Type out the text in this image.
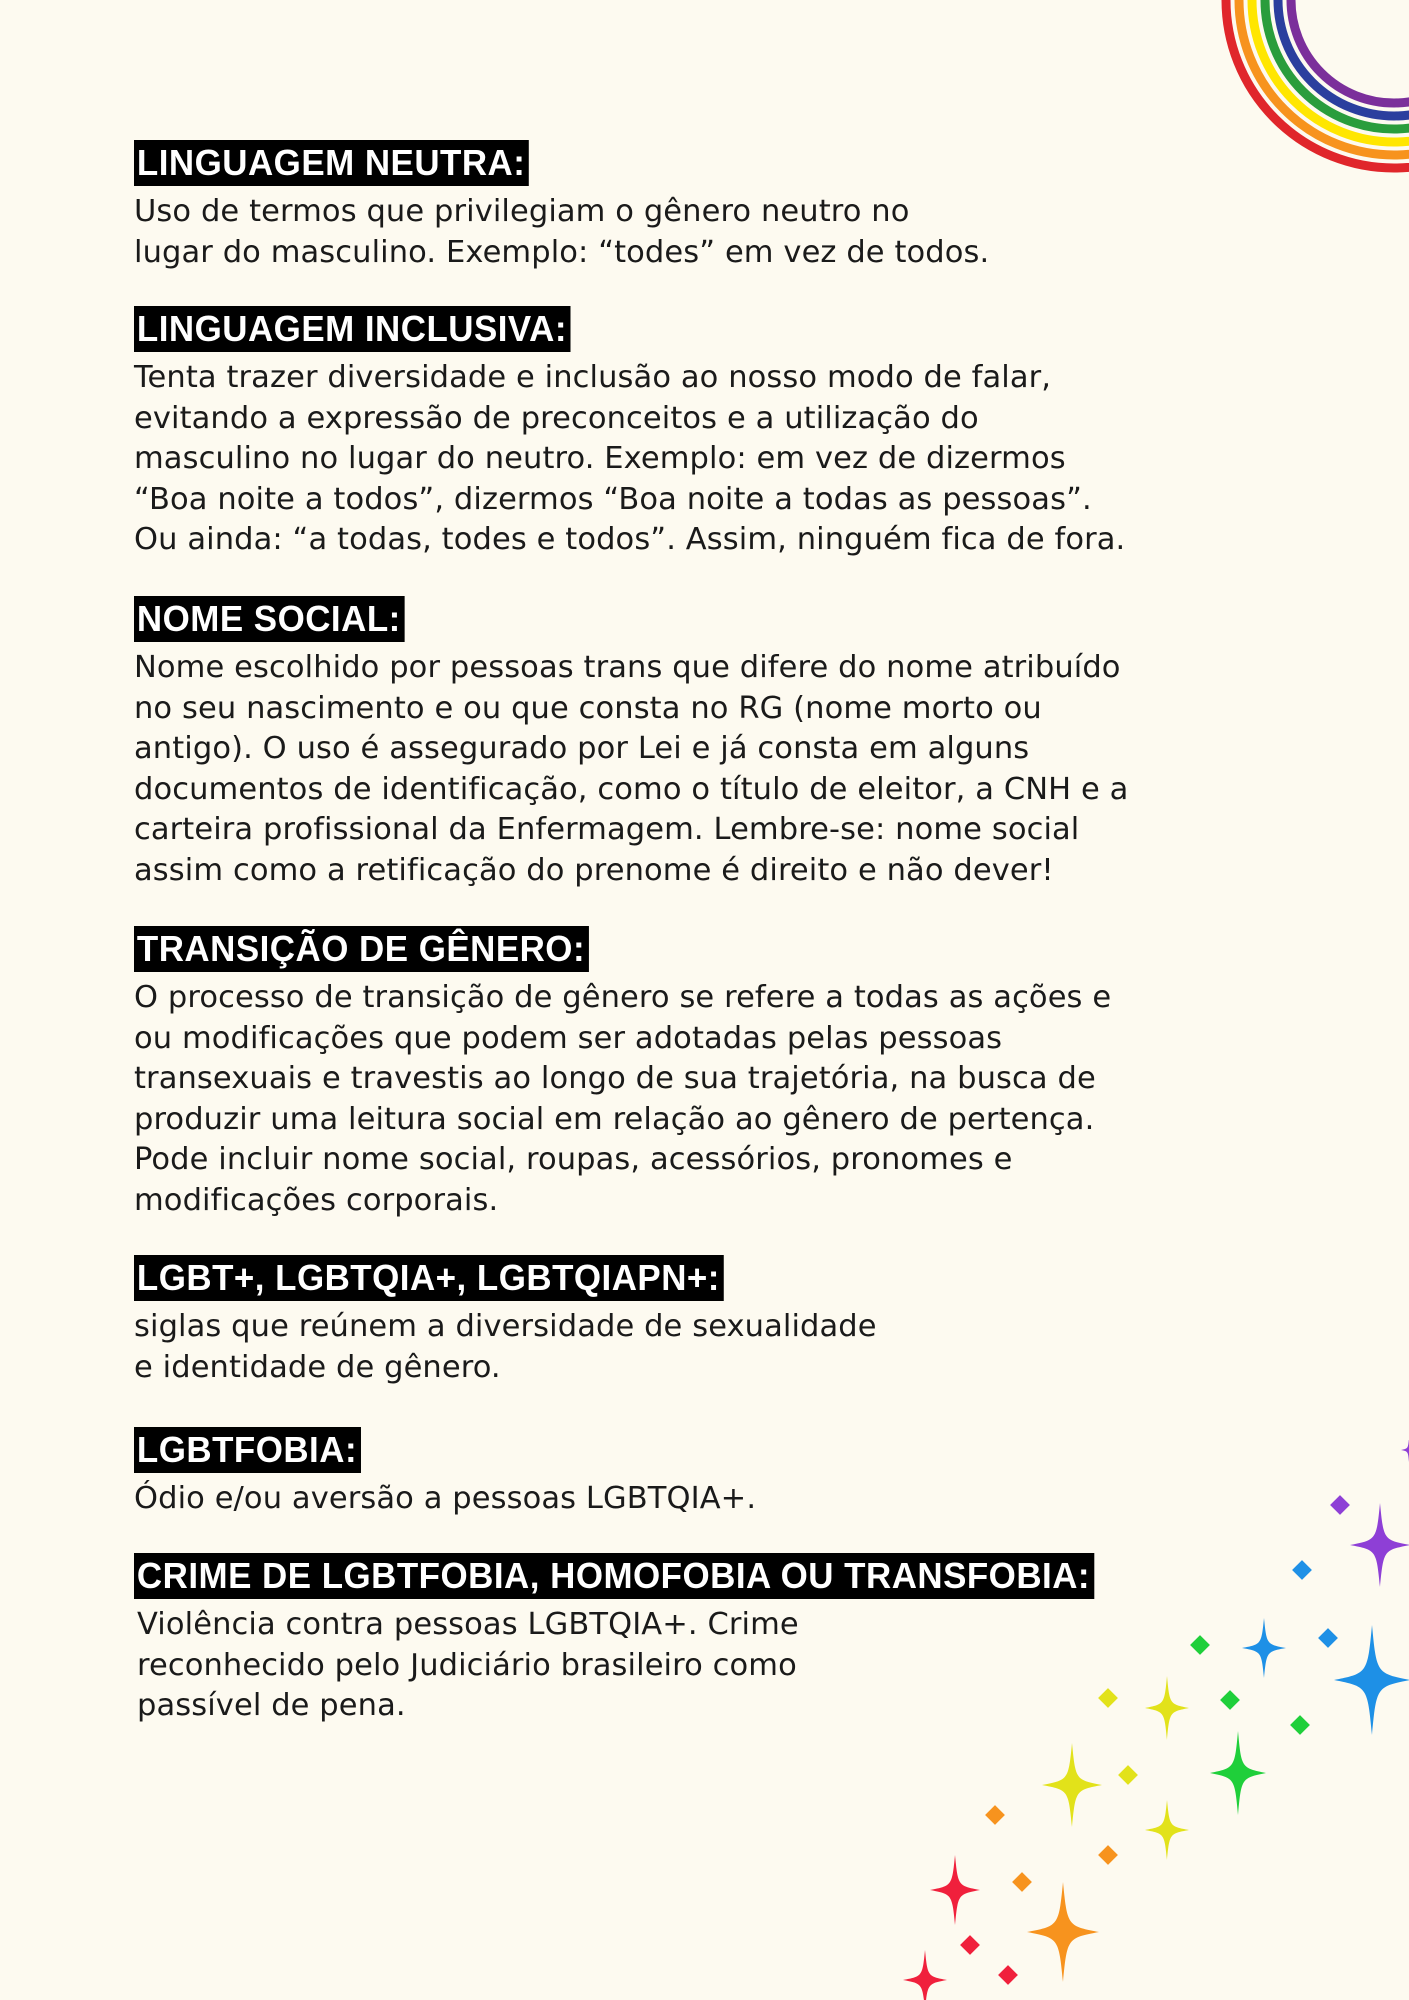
LINGUAGEM NEUTRA:
Uso de termos que privilegiam o gênero neutro no
lugar do masculino. Exemplo: “todes” em vez de todos.
LINGUAGEM INCLUSIVA:
Tenta trazer diversidade e inclusão ao nosso modo de falar,
evitando a expressão de preconceitos e a utilização do
masculino no lugar do neutro. Exemplo: em vez de dizermos
“Boa noite a todos”, dizermos “Boa noite a todas as pessoas”.
Ou ainda: “a todas, todes e todos”. Assim, ninguém fica de fora.
NOME SOCIAL:
Nome escolhido por pessoas trans que difere do nome atribuído
no seu nascimento e ou que consta no RG (nome morto ou
antigo). O uso é assegurado por Lei e já consta em alguns
documentos de identificação, como o título de eleitor, a CNH e a
carteira profissional da Enfermagem. Lembre-se: nome social
assim como a retificação do prenome é direito e não dever!
TRANSIÇÃO DE GÊNERO:
O processo de transição de gênero se refere a todas as ações e
ou modificações que podem ser adotadas pelas pessoas
transexuais e travestis ao longo de sua trajetória, na busca de
produzir uma leitura social em relação ao gênero de pertença.
Pode incluir nome social, roupas, acessórios, pronomes e
modificações corporais.
LGBT+, LGBTQIA+, LGBTQIAPN+:
siglas que reúnem a diversidade de sexualidade
e identidade de gênero.
LGBTFOBIA:
Ódio e/ou aversão a pessoas LGBTQIA+.
CRIME DE LGBTFOBIA, HOMOFOBIA OU TRANSFOBIA:
Violência contra pessoas LGBTQIA+. Crime
reconhecido pelo Judiciário brasileiro como
passível de pena.
